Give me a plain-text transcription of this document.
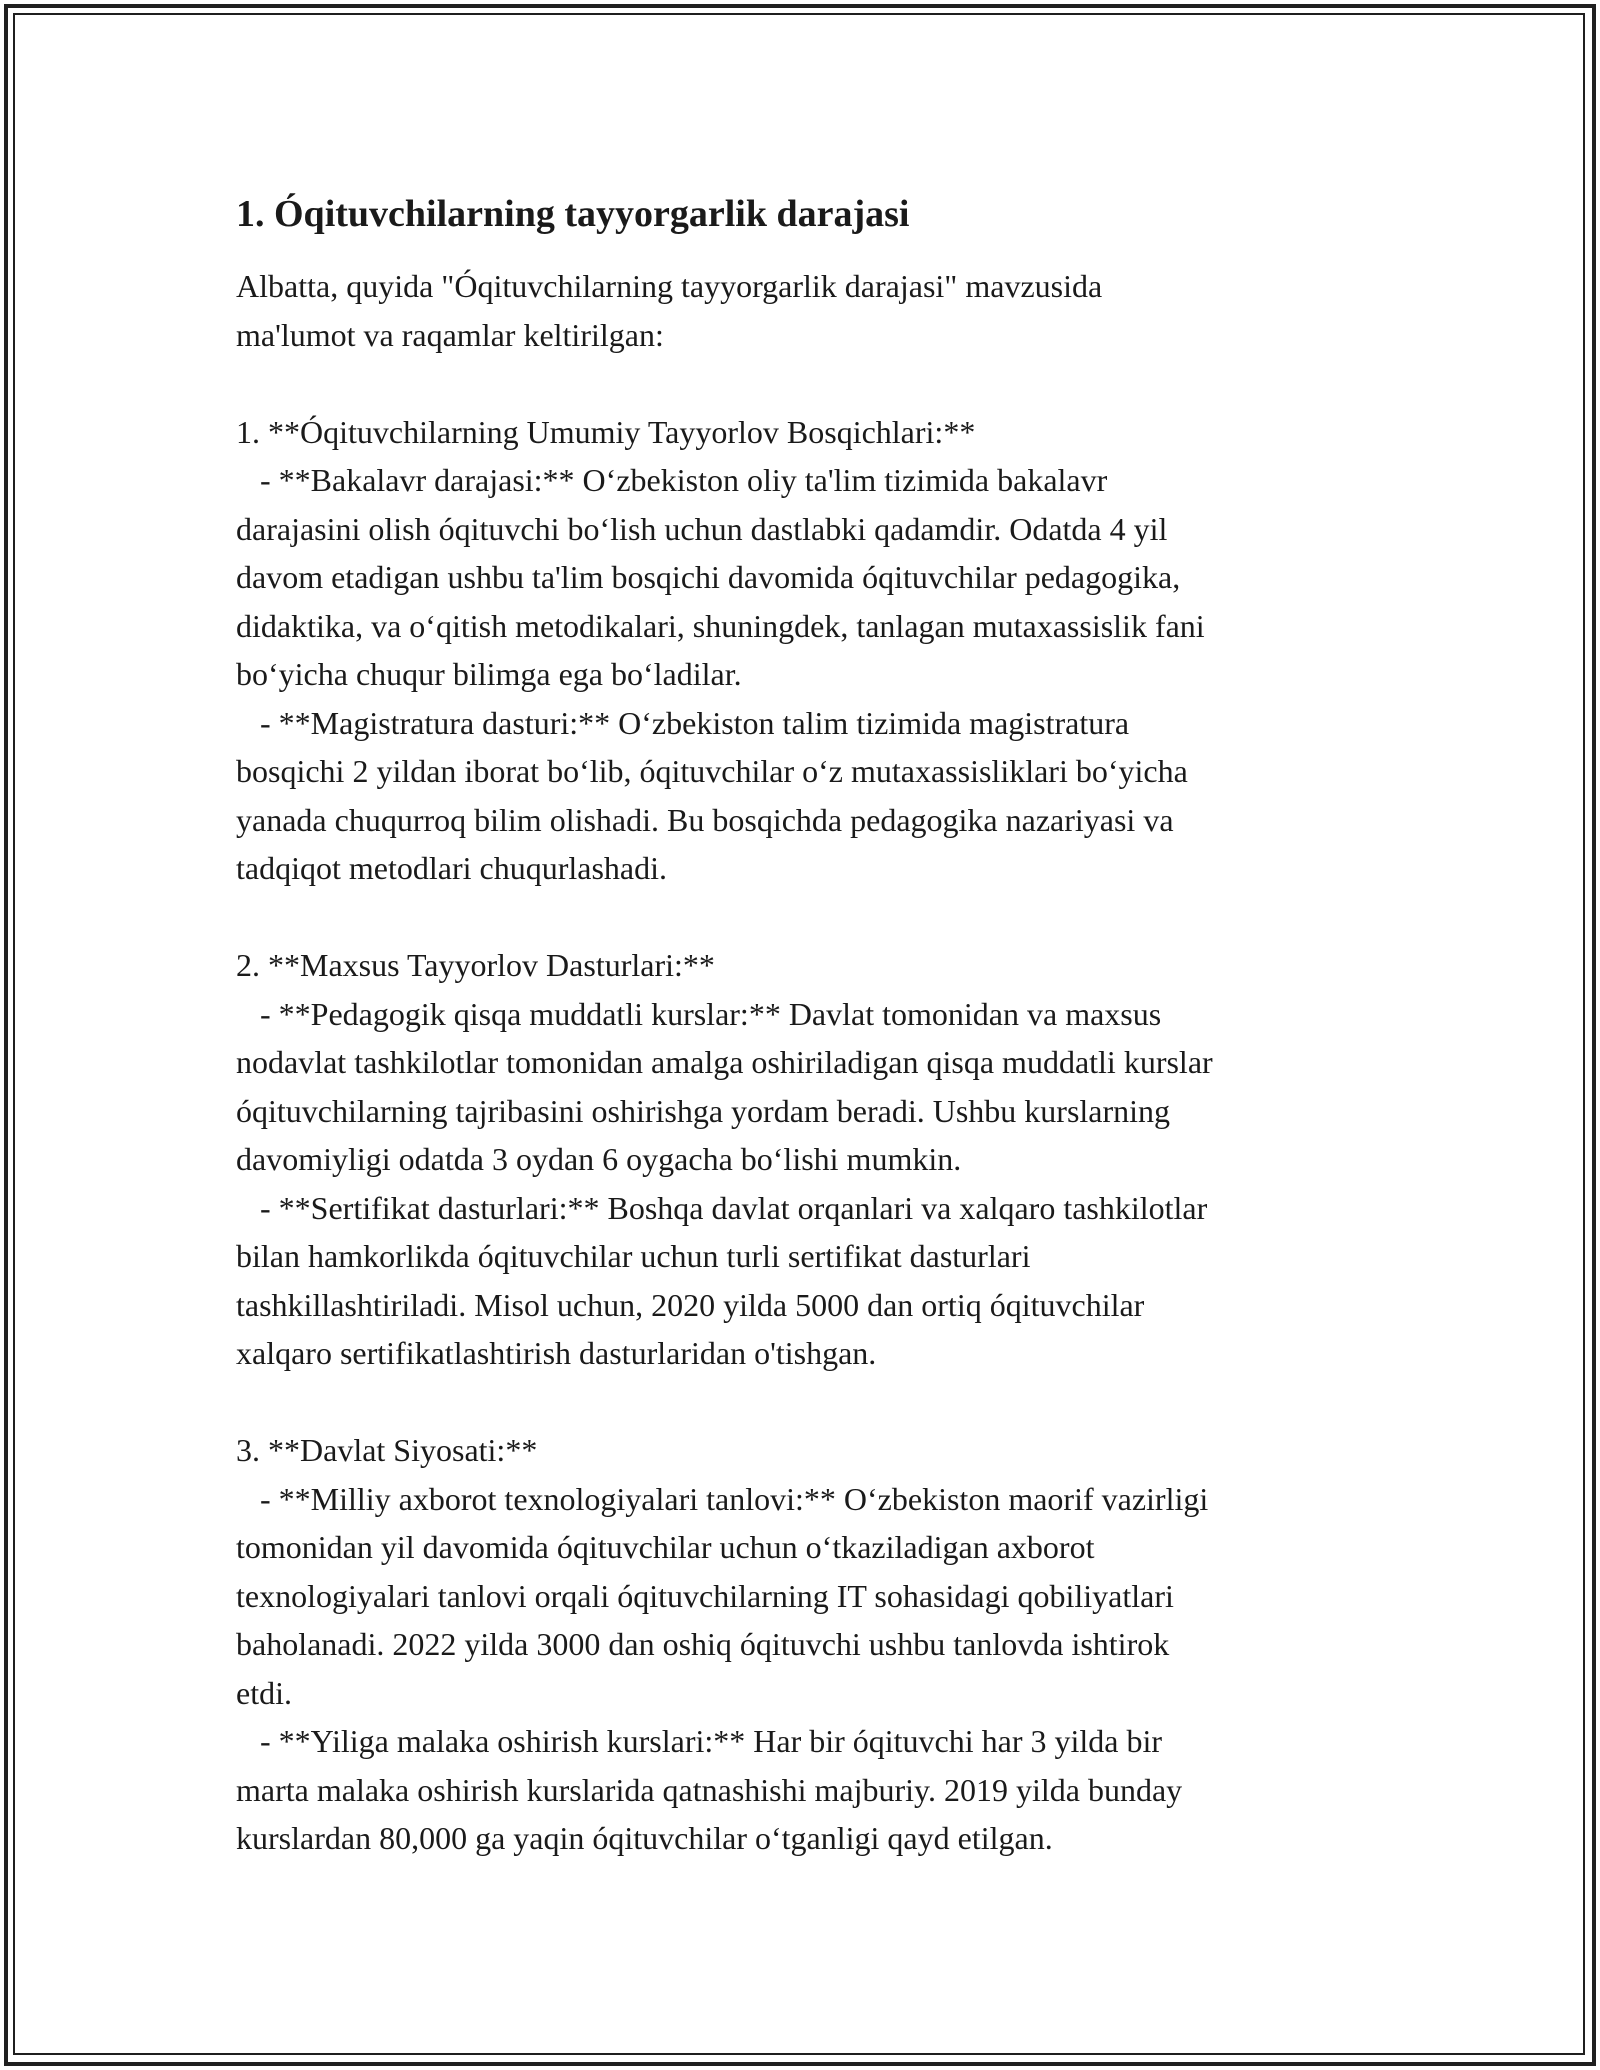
1. Óqituvchilarning tayyorgarlik darajasi
Albatta, quyida "Óqituvchilarning tayyorgarlik darajasi" mavzusida
ma'lumot va raqamlar keltirilgan:
1. **Óqituvchilarning Umumiy Tayyorlov Bosqichlari:**
- **Bakalavr darajasi:** O‘zbekiston oliy ta'lim tizimida bakalavr
darajasini olish óqituvchi bo‘lish uchun dastlabki qadamdir. Odatda 4 yil
davom etadigan ushbu ta'lim bosqichi davomida óqituvchilar pedagogika,
didaktika, va o‘qitish metodikalari, shuningdek, tanlagan mutaxassislik fani
bo‘yicha chuqur bilimga ega bo‘ladilar.
- **Magistratura dasturi:** O‘zbekiston talim tizimida magistratura
bosqichi 2 yildan iborat bo‘lib, óqituvchilar o‘z mutaxassisliklari bo‘yicha
yanada chuqurroq bilim olishadi. Bu bosqichda pedagogika nazariyasi va
tadqiqot metodlari chuqurlashadi.
2. **Maxsus Tayyorlov Dasturlari:**
- **Pedagogik qisqa muddatli kurslar:** Davlat tomonidan va maxsus
nodavlat tashkilotlar tomonidan amalga oshiriladigan qisqa muddatli kurslar
óqituvchilarning tajribasini oshirishga yordam beradi. Ushbu kurslarning
davomiyligi odatda 3 oydan 6 oygacha bo‘lishi mumkin.
- **Sertifikat dasturlari:** Boshqa davlat orqanlari va xalqaro tashkilotlar
bilan hamkorlikda óqituvchilar uchun turli sertifikat dasturlari
tashkillashtiriladi. Misol uchun, 2020 yilda 5000 dan ortiq óqituvchilar
xalqaro sertifikatlashtirish dasturlaridan o'tishgan.
3. **Davlat Siyosati:**
- **Milliy axborot texnologiyalari tanlovi:** O‘zbekiston maorif vazirligi
tomonidan yil davomida óqituvchilar uchun o‘tkaziladigan axborot
texnologiyalari tanlovi orqali óqituvchilarning IT sohasidagi qobiliyatlari
baholanadi. 2022 yilda 3000 dan oshiq óqituvchi ushbu tanlovda ishtirok
etdi.
- **Yiliga malaka oshirish kurslari:** Har bir óqituvchi har 3 yilda bir
marta malaka oshirish kurslarida qatnashishi majburiy. 2019 yilda bunday
kurslardan 80,000 ga yaqin óqituvchilar o‘tganligi qayd etilgan.
